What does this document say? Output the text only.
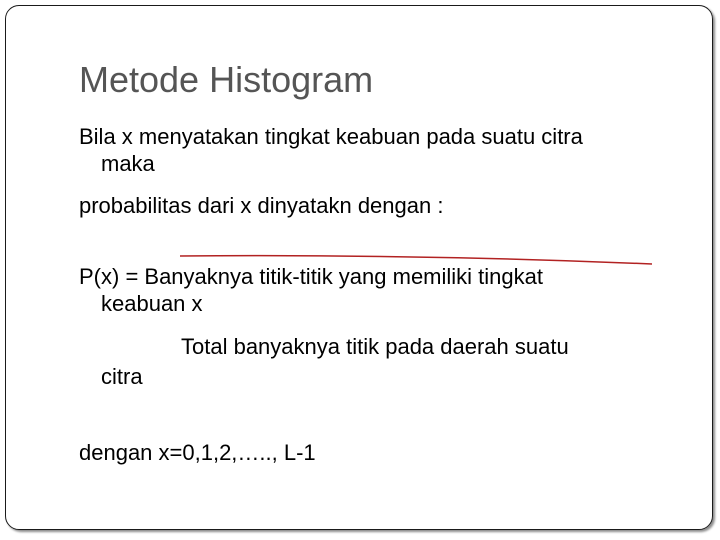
Metode Histogram
Bila x menyatakan tingkat keabuan pada suatu citra
maka
probabilitas dari x dinyatakn dengan :
P(x) = Banyaknya titik-titik yang memiliki tingkat
keabuan x
Total banyaknya titik pada daerah suatu
citra
dengan x=0,1,2,….., L-1
